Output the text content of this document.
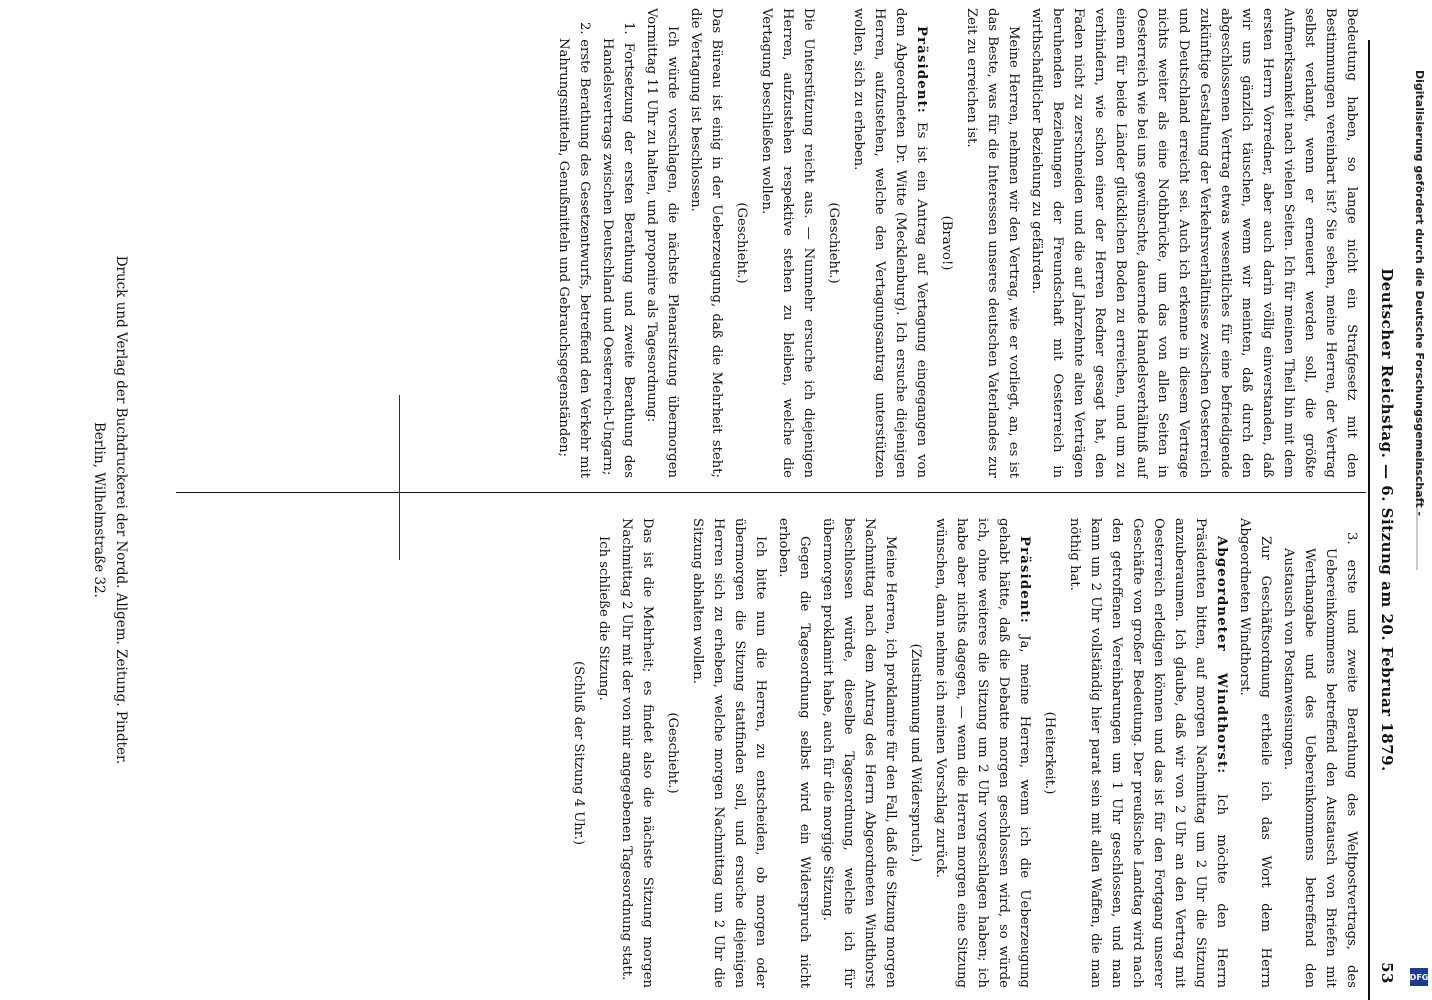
Deutscher Reichstag. — 6. Sitzung am 20. Februar 1879.
53

Bedeutung haben, so lange nicht ein Strafgesetz mit den Bestimmungen vereinbart ist? Sie sehen, meine Herren, der Vertrag selbst verlangt, wenn er erneuert werden soll, die größte Aufmerksamkeit nach vielen Seiten. Ich für meinen Theil bin mit dem ersten Herrn Vorredner, aber auch darin völlig einverstanden, daß wir uns gänzlich täuschen, wenn wir meinten, daß durch den abgeschlossenen Vertrag etwas wesentliches für eine befriedigende zukünftige Gestaltung der Verkehrsverhältnisse zwischen Oesterreich und Deutschland erreicht sei. Auch ich erkenne in diesem Vertrage nichts weiter als eine Nothbrücke, um das von allen Seiten in Oesterreich wie bei uns gewünschte, dauernde Handelsverhältniß auf einem für beide Länder glücklichen Boden zu erreichen, und um zu verhindern, wie schon einer der Herren Redner gesagt hat, den Faden nicht zu zerschneiden und die auf Jahrzehnte alten Verträgen beruhenden Beziehungen der Freundschaft mit Oesterreich in wirthschaftlicher Beziehung zu gefährden.

Meine Herren, nehmen wir den Vertrag, wie er vorliegt, an, es ist das Beste, was für die Interessen unseres deutschen Vaterlandes zur Zeit zu erreichen ist.

(Bravo!)

Präsident: Es ist ein Antrag auf Vertagung eingegangen von dem Abgeordneten Dr. Witte (Mecklenburg). Ich ersuche diejenigen Herren, aufzustehen, welche den Vertagungsantrag unterstützen wollen, sich zu erheben.

(Geschieht.)

Die Unterstützung reicht aus. — Nunmehr ersuche ich diejenigen Herren, aufzustehen respektive stehen zu bleiben, welche die Vertagung beschließen wollen.

(Geschieht.)

Das Büreau ist einig in der Ueberzeugung, daß die Mehrheit steht; die Vertagung ist beschlossen.

Ich würde vorschlagen, die nächste Plenarsitzung übermorgen Vormittag 11 Uhr zu halten, und proponire als Tagesordnung:

1. Fortsetzung der ersten Berathung und zweite Berathung des Handelsvertrags zwischen Deutschland und Oesterreich-Ungarn;

2. erste Berathung des Gesetzentwurfs, betreffend den Verkehr mit Nahrungsmitteln, Genußmitteln und Gebrauchsgegenständen;

3. erste und zweite Berathung des Weltpostvertrags, des Uebereinkommens betreffend den Austausch von Briefen mit Werthangabe und des Uebereinkommens betreffend den Austausch von Postanweisungen.

Zur Geschäftsordnung ertheile ich das Wort dem Herrn Abgeordneten Windthorst.

Abgeordneter Windthorst: Ich möchte den Herrn Präsidenten bitten, auf morgen Nachmittag um 2 Uhr die Sitzung anzuberaumen. Ich glaube, daß wir von 2 Uhr an den Vertrag mit Oesterreich erledigen können und das ist für den Fortgang unserer Geschäfte von großer Bedeutung. Der preußische Landtag wird nach den getroffenen Vereinbarungen um 1 Uhr geschlossen, und man kann um 2 Uhr vollständig hier parat sein mit allen Waffen, die man nöthig hat.

(Heiterkeit.)

Präsident: Ja, meine Herren, wenn ich die Ueberzeugung gehabt hätte, daß die Debatte morgen geschlossen wird, so würde ich, ohne weiteres die Sitzung um 2 Uhr vorgeschlagen haben; ich habe aber nichts dagegen, — wenn die Herren morgen eine Sitzung wünschen, dann nehme ich meinen Vorschlag zurück.

(Zustimmung und Widerspruch.)

Meine Herren, ich proklamire für den Fall, daß die Sitzung morgen Nachmittag nach dem Antrag des Herrn Abgeordneten Windthorst beschlossen würde, dieselbe Tagesordnung, welche ich für übermorgen proklamirt habe, auch für die morgige Sitzung.

Gegen die Tagesordnung selbst wird ein Widerspruch nicht erhoben.

Ich bitte nun die Herren, zu entscheiden, ob morgen oder übermorgen die Sitzung stattfinden soll, und ersuche diejenigen Herren sich zu erheben, welche morgen Nachmittag um 2 Uhr die Sitzung abhalten wollen.

(Geschieht.)

Das ist die Mehrheit; es findet also die nächste Sitzung morgen Nachmittag 2 Uhr mit der von mir angegebenen Tagesordnung statt.

Ich schließe die Sitzung.

(Schluß der Sitzung 4 Uhr.)

Druck und Verlag der Buchdruckerei der Nordd. Allgem. Zeitung. Pindter.
Berlin, Wilhelmstraße 32.	Digitalisierung gefördert durch die Deutsche Forschungsgemeinschaft -
DFG
